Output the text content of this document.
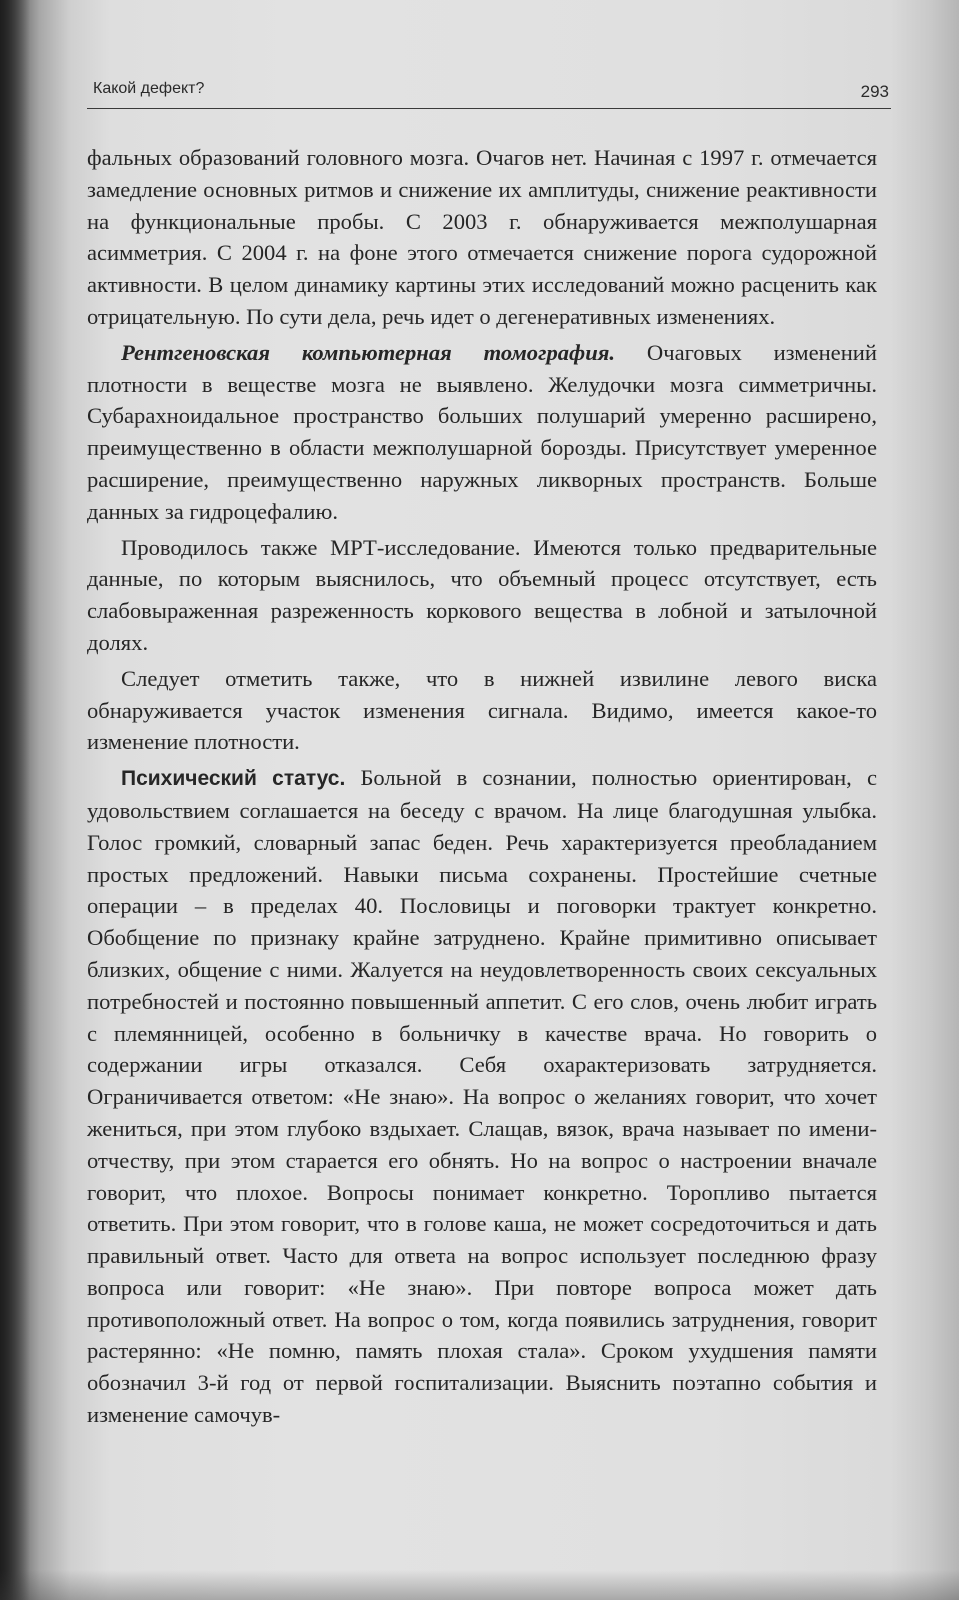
Какой дефект?	293

фальных образований головного мозга. Очагов нет. Начиная с 1997 г. отмечается замедление основных ритмов и снижение их амплитуды, снижение реактивности на функциональные пробы. С 2003 г. обнаруживается межполушарная асимметрия. С 2004 г. на фоне этого отмечается снижение порога судорожной активности. В целом динамику картины этих исследований можно расценить как отрицательную. По сути дела, речь идет о дегенеративных изменениях.

Рентгеновская компьютерная томография. Очаговых изменений плотности в веществе мозга не выявлено. Желудочки мозга симметричны. Субарахноидальное пространство больших полушарий умеренно расширено, преимущественно в области межполушарной борозды. Присутствует умеренное расширение, преимущественно наружных ликворных пространств. Больше данных за гидроцефалию.

Проводилось также МРТ-исследование. Имеются только предварительные данные, по которым выяснилось, что объемный процесс отсутствует, есть слабовыраженная разреженность коркового вещества в лобной и затылочной долях.

Следует отметить также, что в нижней извилине левого виска обнаруживается участок изменения сигнала. Видимо, имеется какое-то изменение плотности.

Психический статус. Больной в сознании, полностью ориентирован, с удовольствием соглашается на беседу с врачом. На лице благодушная улыбка. Голос громкий, словарный запас беден. Речь характеризуется преобладанием простых предложений. Навыки письма сохранены. Простейшие счетные операции – в пределах 40. Пословицы и поговорки трактует конкретно. Обобщение по признаку крайне затруднено. Крайне примитивно описывает близких, общение с ними. Жалуется на неудовлетворенность своих сексуальных потребностей и постоянно повышенный аппетит. С его слов, очень любит играть с племянницей, особенно в больничку в качестве врача. Но говорить о содержании игры отказался. Себя охарактеризовать затрудняется. Ограничивается ответом: «Не знаю». На вопрос о желаниях говорит, что хочет жениться, при этом глубоко вздыхает. Слащав, вязок, врача называет по имени-отчеству, при этом старается его обнять. Но на вопрос о настроении вначале говорит, что плохое. Вопросы понимает конкретно. Торопливо пытается ответить. При этом говорит, что в голове каша, не может сосредоточиться и дать правильный ответ. Часто для ответа на вопрос использует последнюю фразу вопроса или говорит: «Не знаю». При повторе вопроса может дать противоположный ответ. На вопрос о том, когда появились затруднения, говорит растерянно: «Не помню, память плохая стала». Сроком ухудшения памяти обозначил 3-й год от первой госпитализации. Выяснить поэтапно события и изменение самочув-
